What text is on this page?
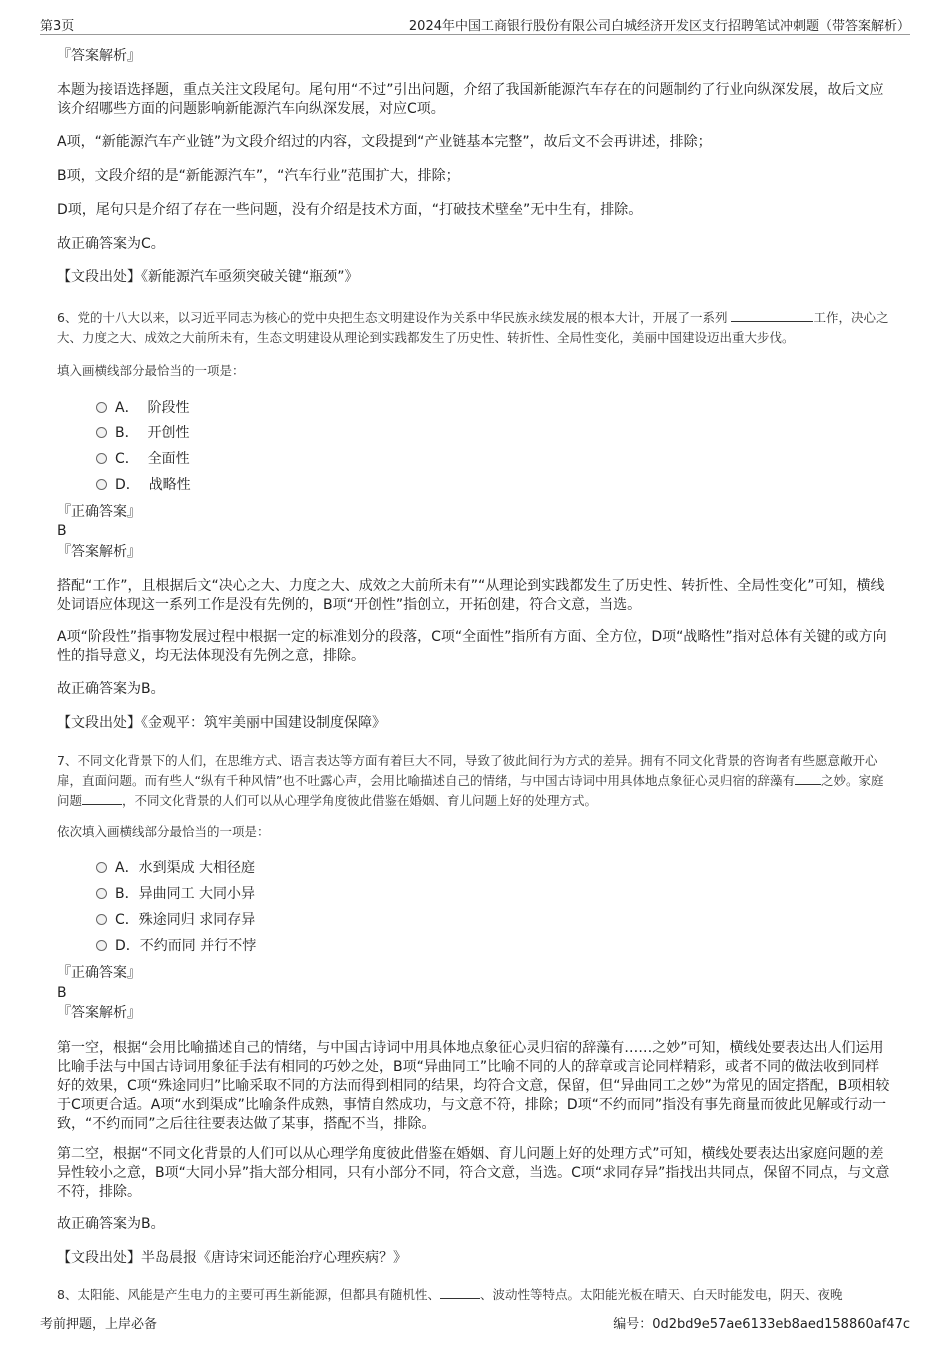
第3页	2024年中国工商银行股份有限公司白城经济开发区支行招聘笔试冲刺题（带答案解析）
『答案解析』
本题为接语选择题，重点关注文段尾句。尾句用“不过”引出问题，介绍了我国新能源汽车存在的问题制约了行业向纵深发展，故后文应该介绍哪些方面的问题影响新能源汽车向纵深发展，对应C项。
A项，“新能源汽车产业链”为文段介绍过的内容，文段提到“产业链基本完整”，故后文不会再讲述，排除；
B项，文段介绍的是“新能源汽车”，“汽车行业”范围扩大，排除；
D项，尾句只是介绍了存在一些问题，没有介绍是技术方面，“打破技术壁垒”无中生有，排除。
故正确答案为C。
【文段出处】《新能源汽车亟须突破关键“瓶颈”》
6、党的十八大以来，以习近平同志为核心的党中央把生态文明建设作为关系中华民族永续发展的根本大计，开展了一系列	工作，决心之大、力度之大、成效之大前所未有，生态文明建设从理论到实践都发生了历史性、转折性、全局性变化，美丽中国建设迈出重大步伐。
填入画横线部分最恰当的一项是：
A． 阶段性
B． 开创性
C． 全面性
D． 战略性
『正确答案』
B
『答案解析』
搭配“工作”，且根据后文“决心之大、力度之大、成效之大前所未有”“从理论到实践都发生了历史性、转折性、全局性变化”可知，横线处词语应体现这一系列工作是没有先例的，B项“开创性”指创立，开拓创建，符合文意，当选。
A项“阶段性”指事物发展过程中根据一定的标准划分的段落，C项“全面性”指所有方面、全方位，D项“战略性”指对总体有关键的或方向性的指导意义，均无法体现没有先例之意，排除。
故正确答案为B。
【文段出处】《金观平：筑牢美丽中国建设制度保障》
7、不同文化背景下的人们，在思维方式、语言表达等方面有着巨大不同，导致了彼此间行为方式的差异。拥有不同文化背景的咨询者有些愿意敞开心扉，直面问题。而有些人“纵有千种风情”也不吐露心声，会用比喻描述自己的情绪，与中国古诗词中用具体地点象征心灵归宿的辞藻有 之妙。家庭问题	，不同文化背景的人们可以从心理学角度彼此借鉴在婚姻、育儿问题上好的处理方式。
依次填入画横线部分最恰当的一项是：
A．水到渠成 大相径庭
B．异曲同工 大同小异
C．殊途同归 求同存异
D．不约而同 并行不悖
『正确答案』
B
『答案解析』
第一空，根据“会用比喻描述自己的情绪，与中国古诗词中用具体地点象征心灵归宿的辞藻有……之妙”可知，横线处要表达出人们运用比喻手法与中国古诗词用象征手法有相同的巧妙之处，B项“异曲同工”比喻不同的人的辞章或言论同样精彩，或者不同的做法收到同样好的效果，C项“殊途同归”比喻采取不同的方法而得到相同的结果，均符合文意，保留，但“异曲同工之妙”为常见的固定搭配，B项相较于C项更合适。A项“水到渠成”比喻条件成熟，事情自然成功，与文意不符，排除；D项“不约而同”指没有事先商量而彼此见解或行动一致，“不约而同”之后往往要表达做了某事，搭配不当，排除。
第二空，根据“不同文化背景的人们可以从心理学角度彼此借鉴在婚姻、育儿问题上好的处理方式”可知，横线处要表达出家庭问题的差异性较小之意，B项“大同小异”指大部分相同，只有小部分不同，符合文意，当选。C项“求同存异”指找出共同点，保留不同点，与文意不符，排除。
故正确答案为B。
【文段出处】半岛晨报《唐诗宋词还能治疗心理疾病？》
8、太阳能、风能是产生电力的主要可再生新能源，但都具有随机性、	、波动性等特点。太阳能光板在晴天、白天时能发电，阴天、夜晚
考前押题，上岸必备	编号：0d2bd9e57ae6133eb8aed158860af47c
